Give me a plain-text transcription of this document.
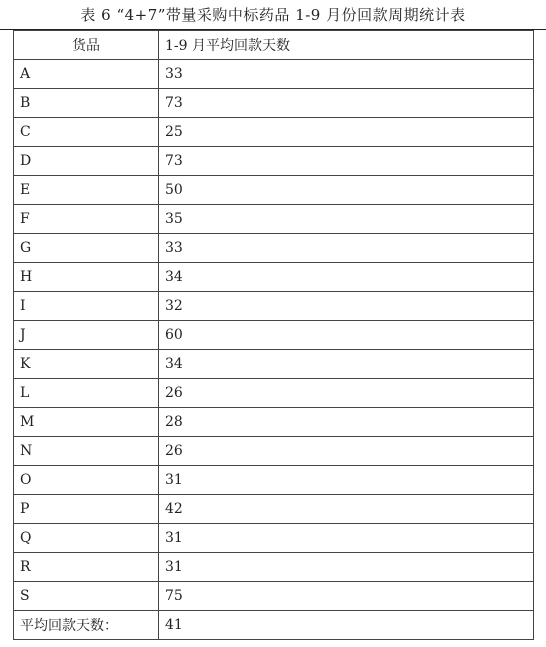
表 6 “4+7”带量采购中标药品 1-9 月份回款周期统计表
货品	1-9 月平均回款天数
A	33
B	73
C	25
D	73
E	50
F	35
G	33
H	34
I	32
J	60
K	34
L	26
M	28
N	26
O	31
P	42
Q	31
R	31
S	75
平均回款天数：	41
